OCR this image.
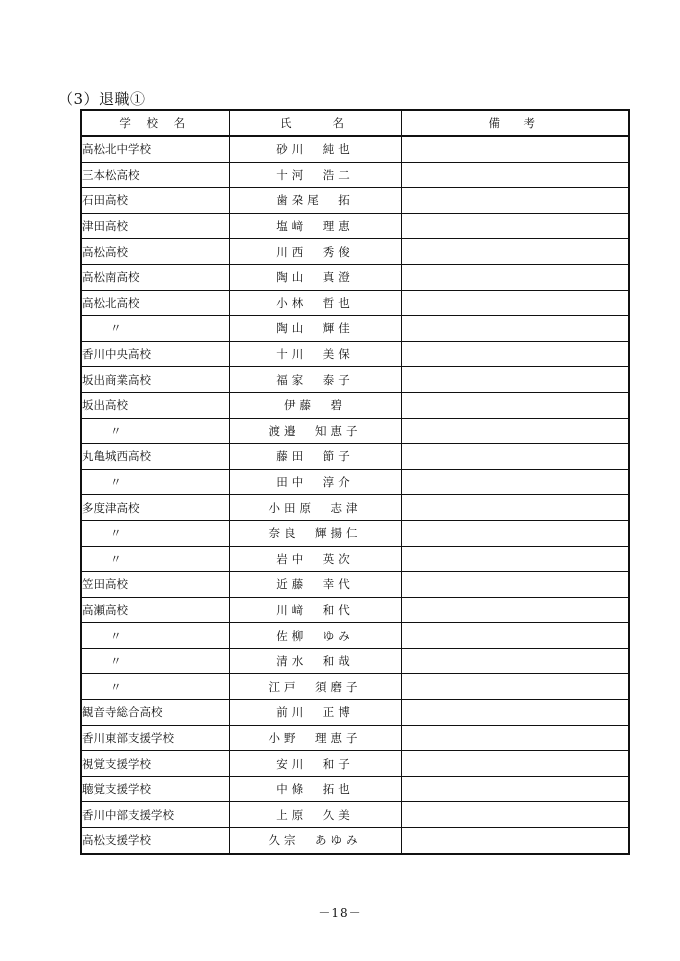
（3）退職①
学 校 名	氏　　名	備　考
高松北中学校	砂川　純也	
三本松高校	十河　浩二	
石田高校	歯朶尾　拓	
津田高校	塩﨑　理恵	
高松高校	川西　秀俊	
高松南高校	陶山　真澄	
高松北高校	小林　哲也	
〃	陶山　輝佳	
香川中央高校	十川　美保	
坂出商業高校	福家　泰子	
坂出高校	伊藤　碧	
〃	渡邉　知恵子	
丸亀城西高校	藤田　節子	
〃	田中　淳介	
多度津高校	小田原　志津	
〃	奈良　輝揚仁	
〃	岩中　英次	
笠田高校	近藤　幸代	
高瀬高校	川﨑　和代	
〃	佐柳　ゆみ	
〃	清水　和哉	
〃	江戸　須磨子	
観音寺総合高校	前川　正博	
香川東部支援学校	小野　理恵子	
視覚支援学校	安川　和子	
聴覚支援学校	中條　拓也	
香川中部支援学校	上原　久美	
高松支援学校	久宗　あゆみ	
－18－
